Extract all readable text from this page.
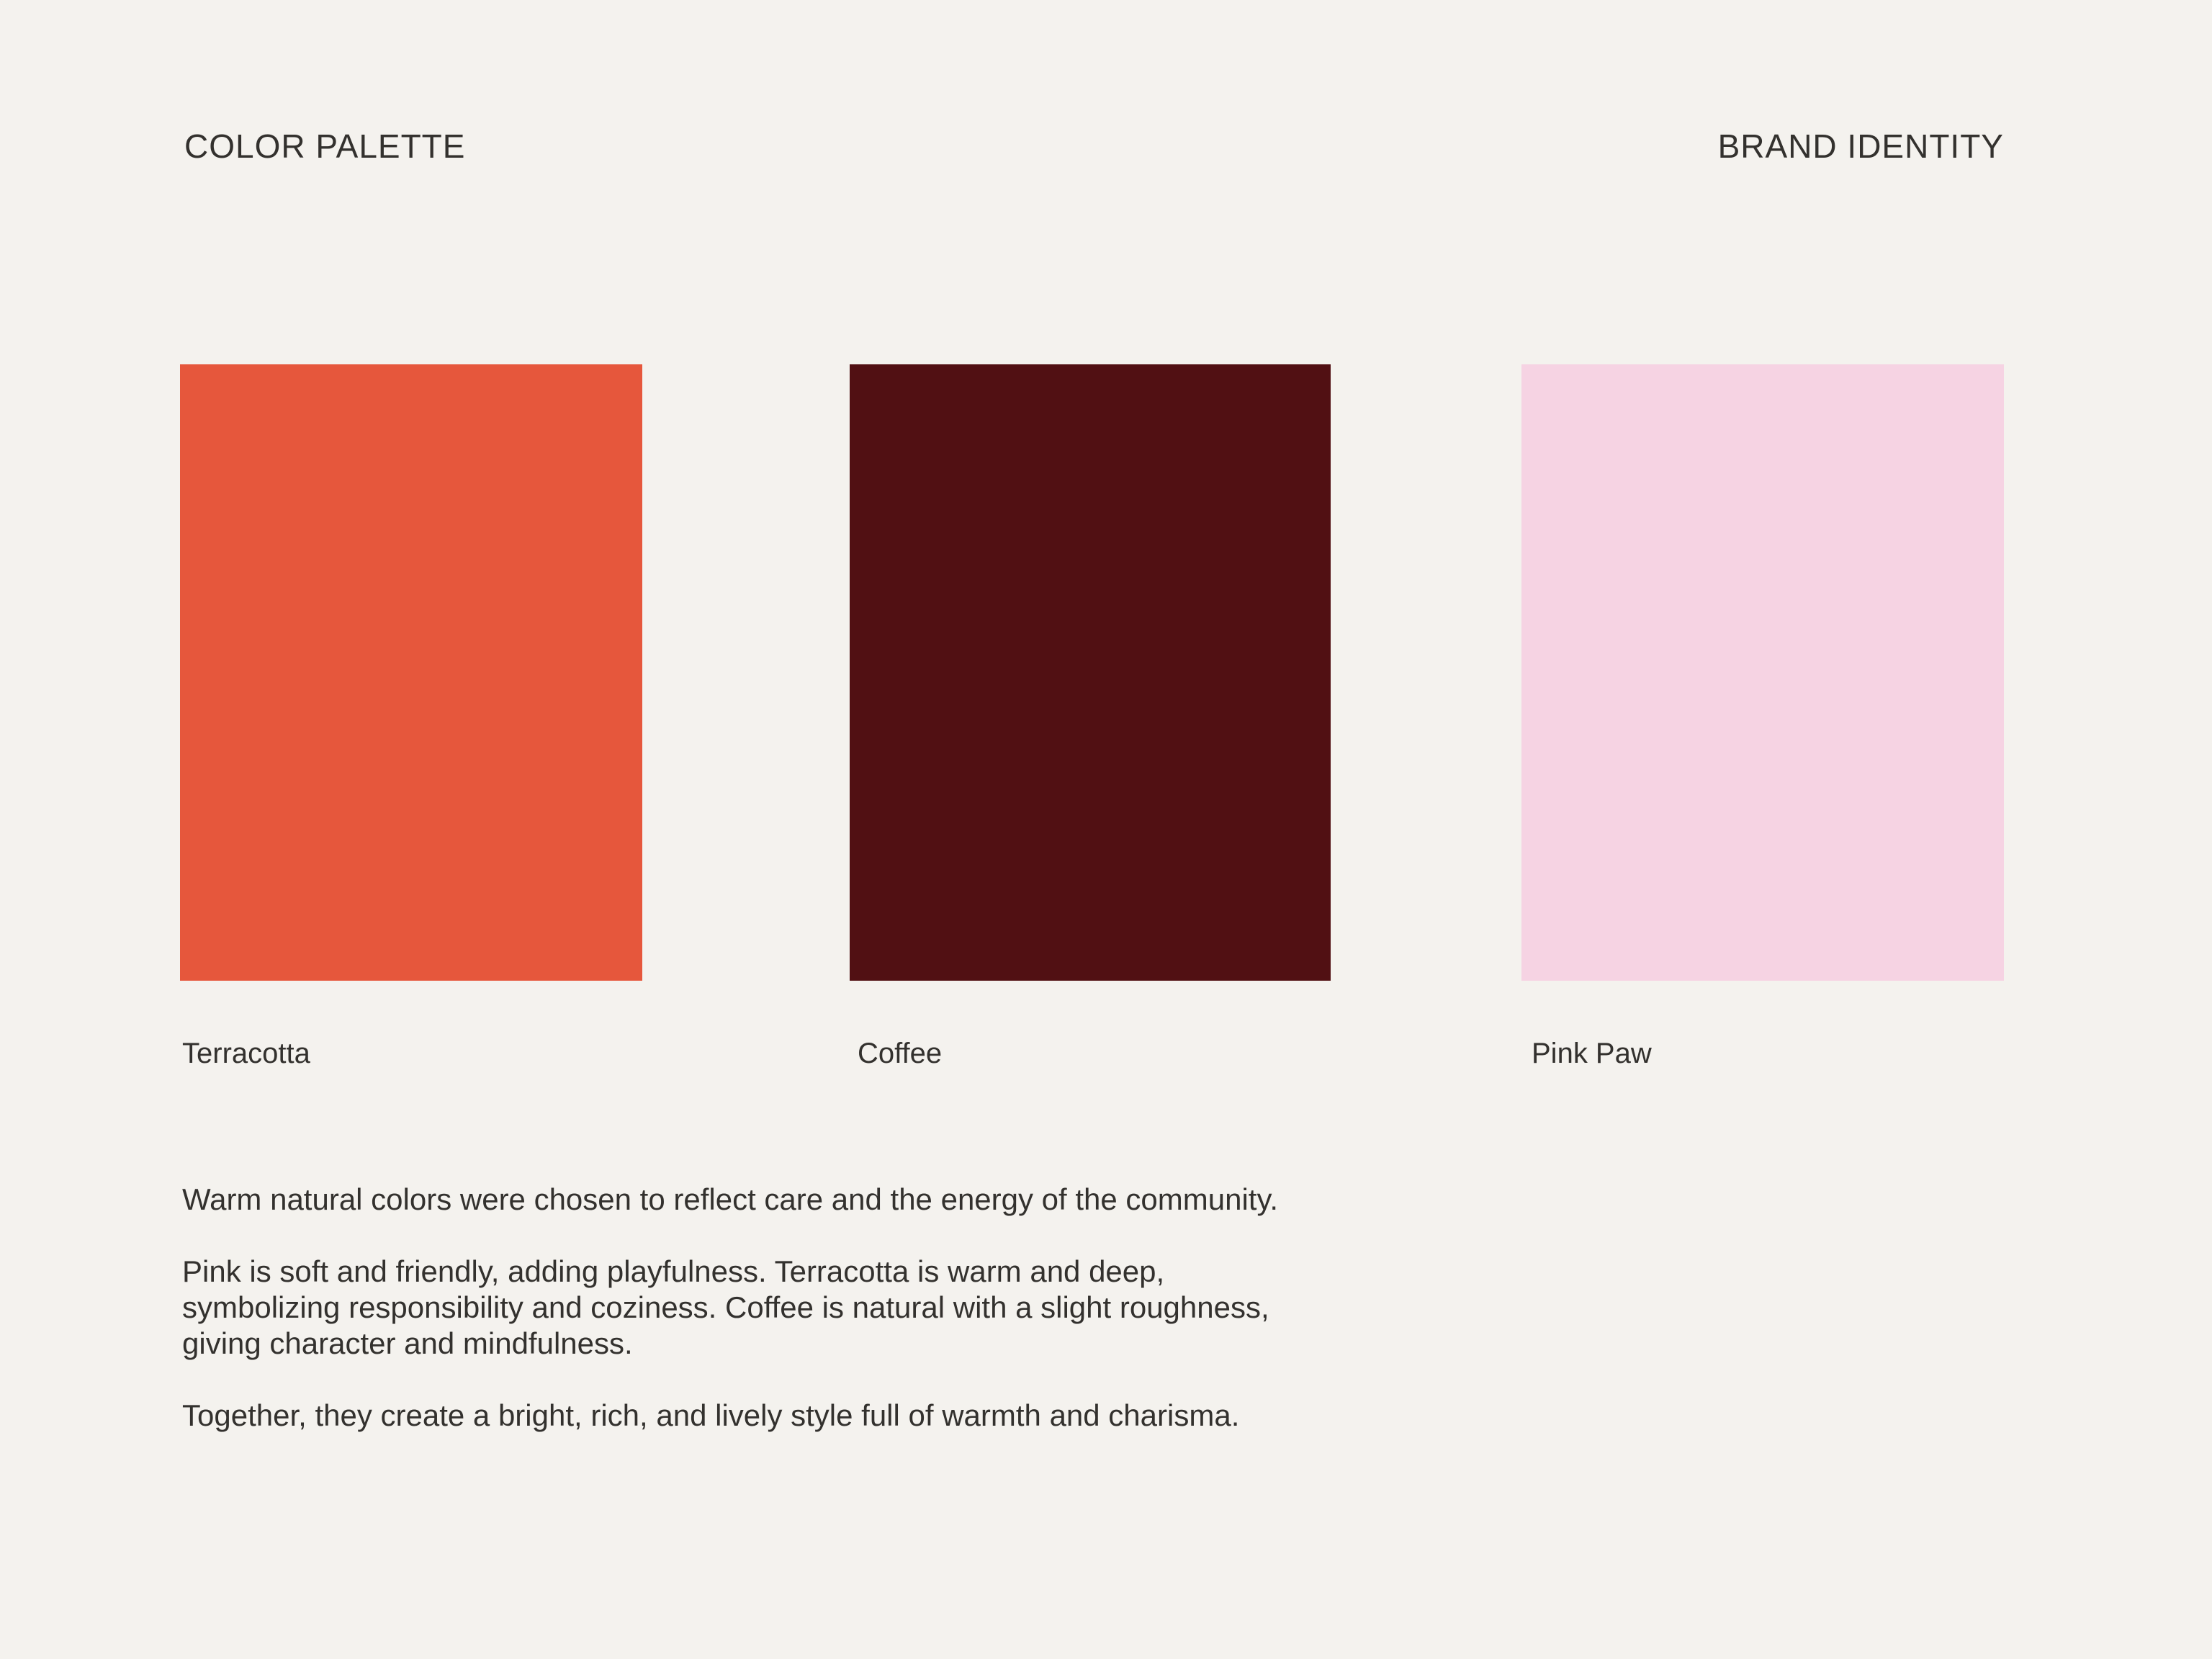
COLOR PALETTE	BRAND IDENTITY
Terracotta	Coffee	Pink Paw
Warm natural colors were chosen to reflect care and the energy of the community.
Pink is soft and friendly, adding playfulness. Terracotta is warm and deep,
symbolizing responsibility and coziness. Coffee is natural with a slight roughness,
giving character and mindfulness.
Together, they create a bright, rich, and lively style full of warmth and charisma.
